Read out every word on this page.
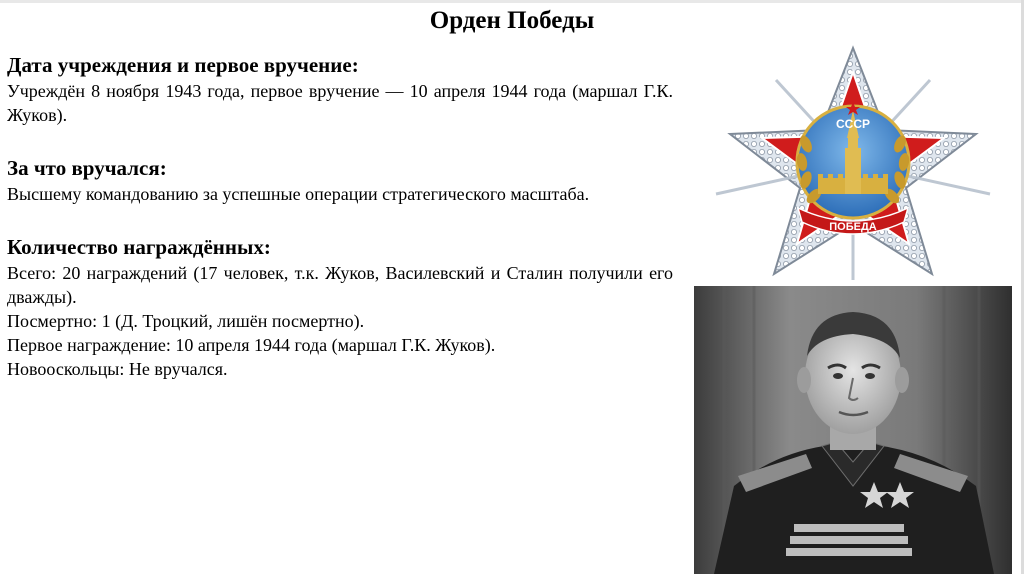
Орден Победы
Дата учреждения и первое вручение:
Учреждён 8 ноября 1943 года, первое вручение — 10 апреля 1944 года (маршал Г.К. Жуков).
За что вручался:
Высшему командованию за успешные операции стратегического масштаба.
Количество награждённых:
Всего: 20 награждений (17 человек, т.к. Жуков, Василевский и Сталин получили его дважды).
Посмертно: 1 (Д. Троцкий, лишён посмертно).
Первое награждение: 10 апреля 1944 года (маршал Г.К. Жуков).
Новооскольцы: Не вручался.
СССР
ПОБЕДА
